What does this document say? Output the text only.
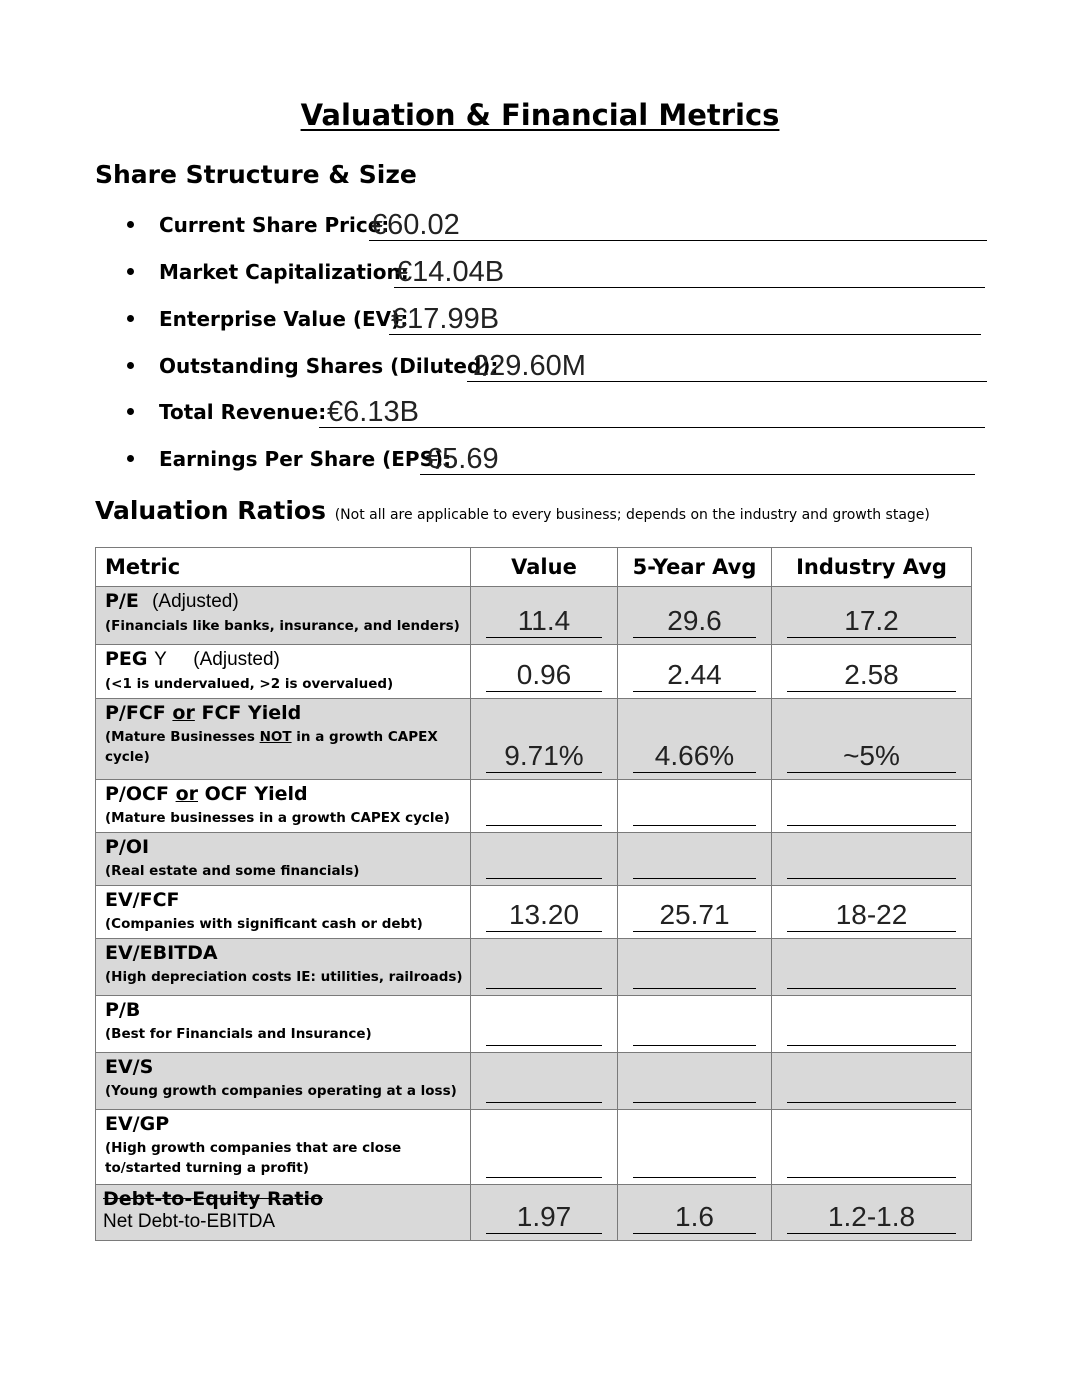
Valuation & Financial Metrics
Share Structure & Size
Current Share Price:
€60.02
Market Capitalization:
€14.04B
Enterprise Value (EV):
€17.99B
Outstanding Shares (Diluted):
229.60M
Total Revenue: €6.13B
Earnings Per Share (EPS):
€5.69
Valuation Ratios (Not all are applicable to every business; depends on the industry and growth stage)
Metric	Value	5-Year Avg	Industry Avg

P/E (Adjusted)
(Financials like banks, insurance, and lenders)	11.4	29.6	17.2

PEG Y (Adjusted)
(<1 is undervalued, >2 is overvalued)	0.96	2.44	2.58

P/FCF or FCF Yield
(Mature Businesses NOT in a growth CAPEX cycle)	9.71%	4.66%	~5%

P/OCF or OCF Yield
(Mature businesses in a growth CAPEX cycle)			

P/OI
(Real estate and some financials)			

EV/FCF
(Companies with significant cash or debt)	13.20	25.71	18-22

EV/EBITDA
(High depreciation costs IE: utilities, railroads)			

P/B
(Best for Financials and Insurance)			

EV/S
(Young growth companies operating at a loss)			

EV/GP
(High growth companies that are close to/started turning a profit)			

Debt-to-Equity Ratio
Net Debt-to-EBITDA	1.97	1.6	1.2-1.8
